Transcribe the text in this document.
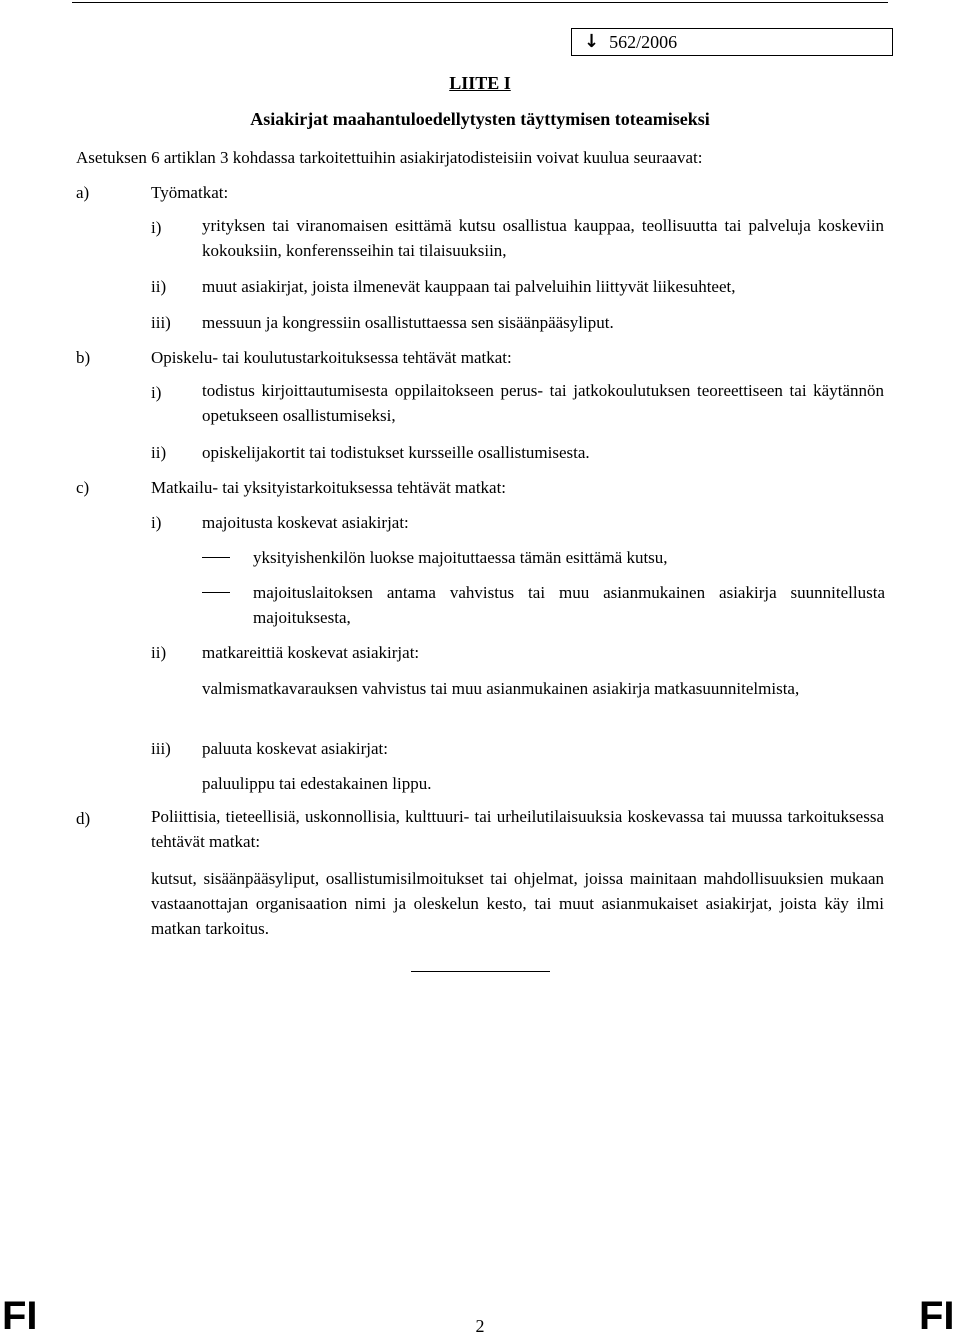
↓ 562/2006
LIITE I
Asiakirjat maahantuloedellytysten täyttymisen toteamiseksi
Asetuksen 6 artiklan 3 kohdassa tarkoitettuihin asiakirjatodisteisiin voivat kuulua seuraavat:
a)	Työmatkat:
i) yrityksen tai viranomaisen esittämä kutsu osallistua kauppaa, teollisuutta tai palveluja koskeviin kokouksiin, konferensseihin tai tilaisuuksiin,
ii) muut asiakirjat, joista ilmenevät kauppaan tai palveluihin liittyvät liikesuhteet,
iii) messuun ja kongressiin osallistuttaessa sen sisäänpääsyliput.
b)	Opiskelu- tai koulutustarkoituksessa tehtävät matkat:
i) todistus kirjoittautumisesta oppilaitokseen perus- tai jatkokoulutuksen teoreettiseen tai käytännön opetukseen osallistumiseksi,
ii) opiskelijakortit tai todistukset kursseille osallistumisesta.
c)	Matkailu- tai yksityistarkoituksessa tehtävät matkat:
i) majoitusta koskevat asiakirjat:
yksityishenkilön luokse majoituttaessa tämän esittämä kutsu,
majoituslaitoksen antama vahvistus tai muu asianmukainen asiakirja suunnitellusta majoituksesta,
ii) matkareittiä koskevat asiakirjat:
valmismatkavarauksen vahvistus tai muu asianmukainen asiakirja matkasuunnitelmista,
iii) paluuta koskevat asiakirjat:
paluulippu tai edestakainen lippu.
d)	Poliittisia, tieteellisiä, uskonnollisia, kulttuuri- tai urheilutilaisuuksia koskevassa tai muussa tarkoituksessa tehtävät matkat:
kutsut, sisäänpääsyliput, osallistumisilmoitukset tai ohjelmat, joissa mainitaan mahdollisuuksien mukaan vastaanottajan organisaation nimi ja oleskelun kesto, tai muut asianmukaiset asiakirjat, joista käy ilmi matkan tarkoitus.
FI	2	FI
